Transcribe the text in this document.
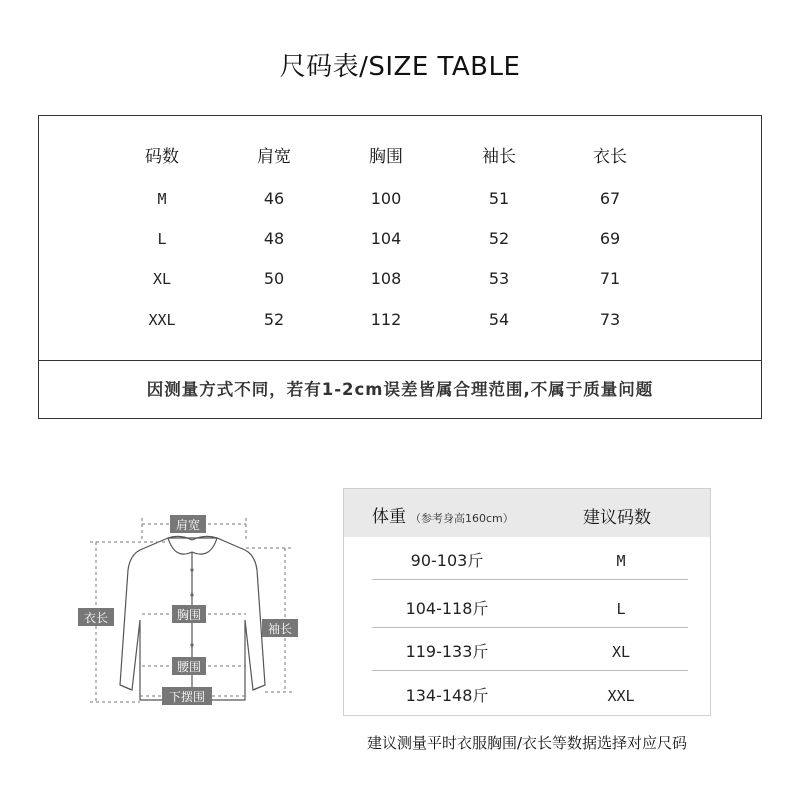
尺码表/SIZE TABLE
码数	肩宽	胸围	袖长	衣长
M	46	100	51	67
L	48	104	52	69
XL	50	108	53	71
XXL	52	112	54	73
因测量方式不同，若有1-2cm误差皆属合理范围,不属于质量问题
肩宽
胸围
衣长
袖长
腰围
下摆围
体重 （参考身高160cm）	建议码数
90-103斤	M
104-118斤	L
119-133斤	XL
134-148斤	XXL
建议测量平时衣服胸围/衣长等数据选择对应尺码
